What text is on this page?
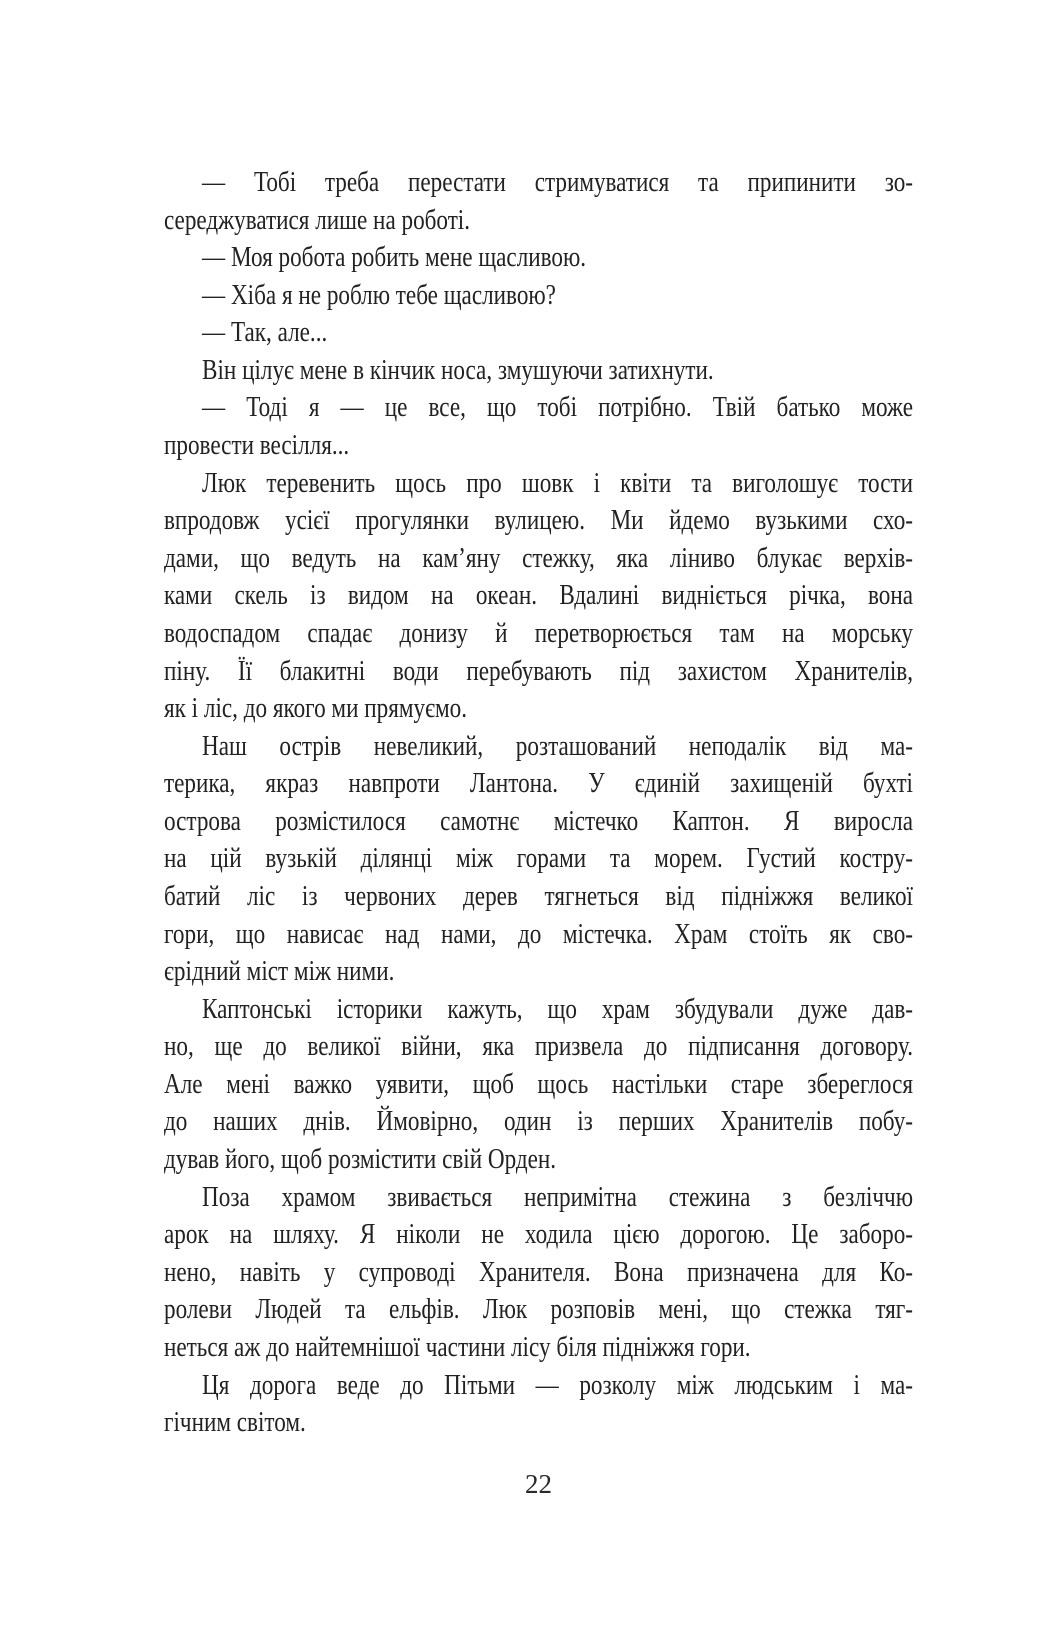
— Тобі треба перестати стримуватися та припинити зо-
середжуватися лише на роботі.
— Моя робота робить мене щасливою.
— Хіба я не роблю тебе щасливою?
— Так, але...
Він цілує мене в кінчик носа, змушуючи затихнути.
— Тоді я — це все, що тобі потрібно. Твій батько може
провести весілля...
Люк теревенить щось про шовк і квіти та виголошує тости
впродовж усієї прогулянки вулицею. Ми йдемо вузькими схо-
дами, що ведуть на кам’яну стежку, яка ліниво блукає верхів-
ками скель із видом на океан. Вдалині видніється річка, вона
водоспадом спадає донизу й перетворюється там на морську
піну. Її блакитні води перебувають під захистом Хранителів,
як і ліс, до якого ми прямуємо.
Наш острів невеликий, розташований неподалік від ма-
терика, якраз навпроти Лантона. У єдиній захищеній бухті
острова розмістилося самотнє містечко Каптон. Я виросла
на цій вузькій ділянці між горами та морем. Густий костру-
батий ліс із червоних дерев тягнеться від підніжжя великої
гори, що нависає над нами, до містечка. Храм стоїть як сво-
єрідний міст між ними.
Каптонські історики кажуть, що храм збудували дуже дав-
но, ще до великої війни, яка призвела до підписання договору.
Але мені важко уявити, щоб щось настільки старе збереглося
до наших днів. Ймовірно, один із перших Хранителів побу-
дував його, щоб розмістити свій Орден.
Поза храмом звивається непримітна стежина з безліччю
арок на шляху. Я ніколи не ходила цією дорогою. Це заборо-
нено, навіть у супроводі Хранителя. Вона призначена для Ко-
ролеви Людей та ельфів. Люк розповів мені, що стежка тяг-
неться аж до найтемнішої частини лісу біля підніжжя гори.
Ця дорога веде до Пітьми — розколу між людським і ма-
гічним світом.
22
